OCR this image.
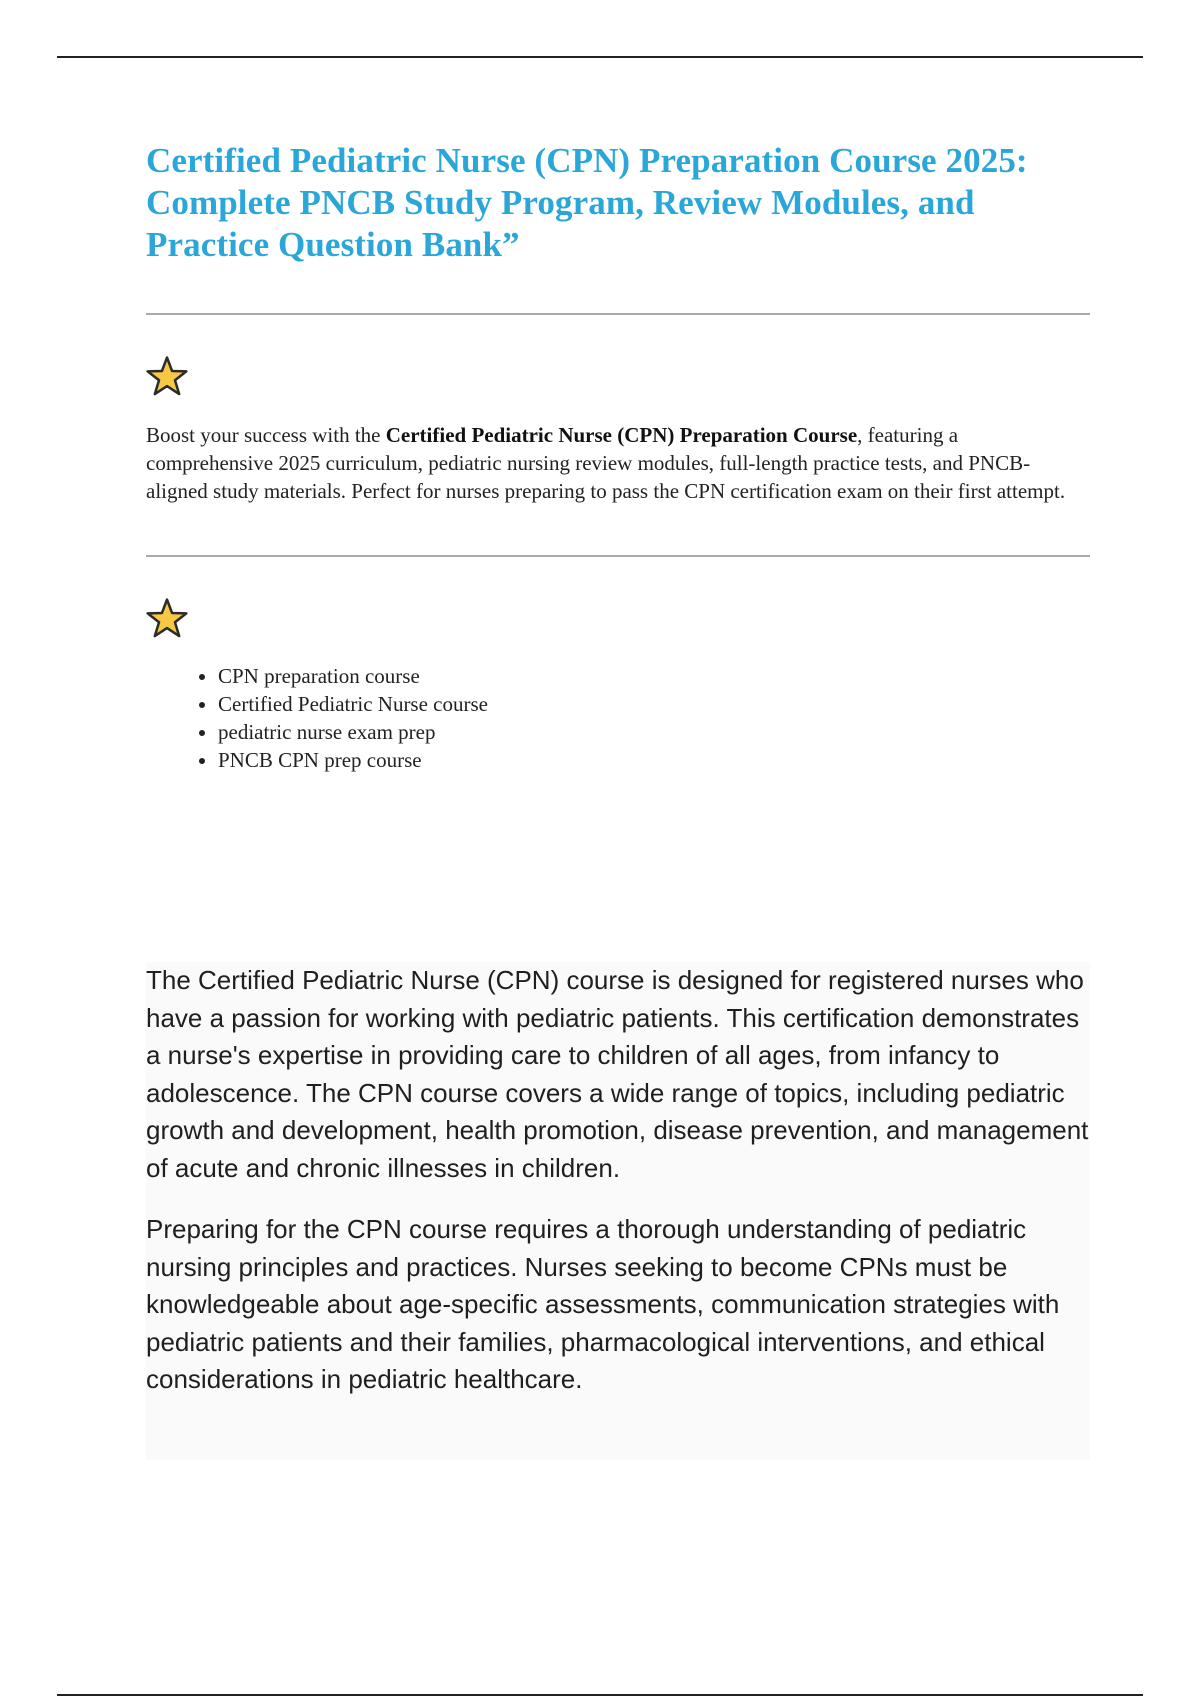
Certified Pediatric Nurse (CPN) Preparation Course 2025: Complete PNCB Study Program, Review Modules, and Practice Question Bank”

Boost your success with the Certified Pediatric Nurse (CPN) Preparation Course, featuring a comprehensive 2025 curriculum, pediatric nursing review modules, full-length practice tests, and PNCB-aligned study materials. Perfect for nurses preparing to pass the CPN certification exam on their first attempt.

• CPN preparation course
• Certified Pediatric Nurse course
• pediatric nurse exam prep
• PNCB CPN prep course

The Certified Pediatric Nurse (CPN) course is designed for registered nurses who have a passion for working with pediatric patients. This certification demonstrates a nurse's expertise in providing care to children of all ages, from infancy to adolescence. The CPN course covers a wide range of topics, including pediatric growth and development, health promotion, disease prevention, and management of acute and chronic illnesses in children.

Preparing for the CPN course requires a thorough understanding of pediatric nursing principles and practices. Nurses seeking to become CPNs must be knowledgeable about age-specific assessments, communication strategies with pediatric patients and their families, pharmacological interventions, and ethical considerations in pediatric healthcare.
